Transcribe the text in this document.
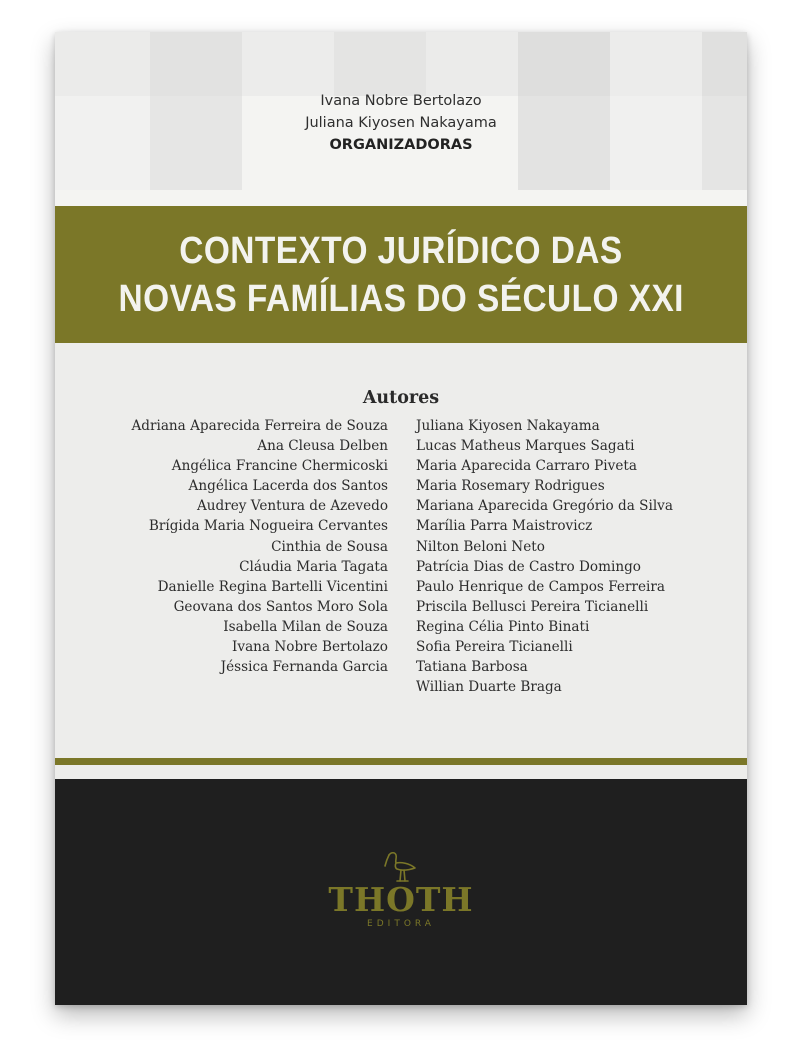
Ivana Nobre Bertolazo
Juliana Kiyosen Nakayama
ORGANIZADORAS
CONTEXTO JURÍDICO DAS
NOVAS FAMÍLIAS DO SÉCULO XXI
Autores
Adriana Aparecida Ferreira de Souza
Ana Cleusa Delben
Angélica Francine Chermicoski
Angélica Lacerda dos Santos
Audrey Ventura de Azevedo
Brígida Maria Nogueira Cervantes
Cinthia de Sousa
Cláudia Maria Tagata
Danielle Regina Bartelli Vicentini
Geovana dos Santos Moro Sola
Isabella Milan de Souza
Ivana Nobre Bertolazo
Jéssica Fernanda Garcia
Juliana Kiyosen Nakayama
Lucas Matheus Marques Sagati
Maria Aparecida Carraro Piveta
Maria Rosemary Rodrigues
Mariana Aparecida Gregório da Silva
Marília Parra Maistrovicz
Nilton Beloni Neto
Patrícia Dias de Castro Domingo
Paulo Henrique de Campos Ferreira
Priscila Bellusci Pereira Ticianelli
Regina Célia Pinto Binati
Sofia Pereira Ticianelli
Tatiana Barbosa
Willian Duarte Braga
THOTH
EDITORA
